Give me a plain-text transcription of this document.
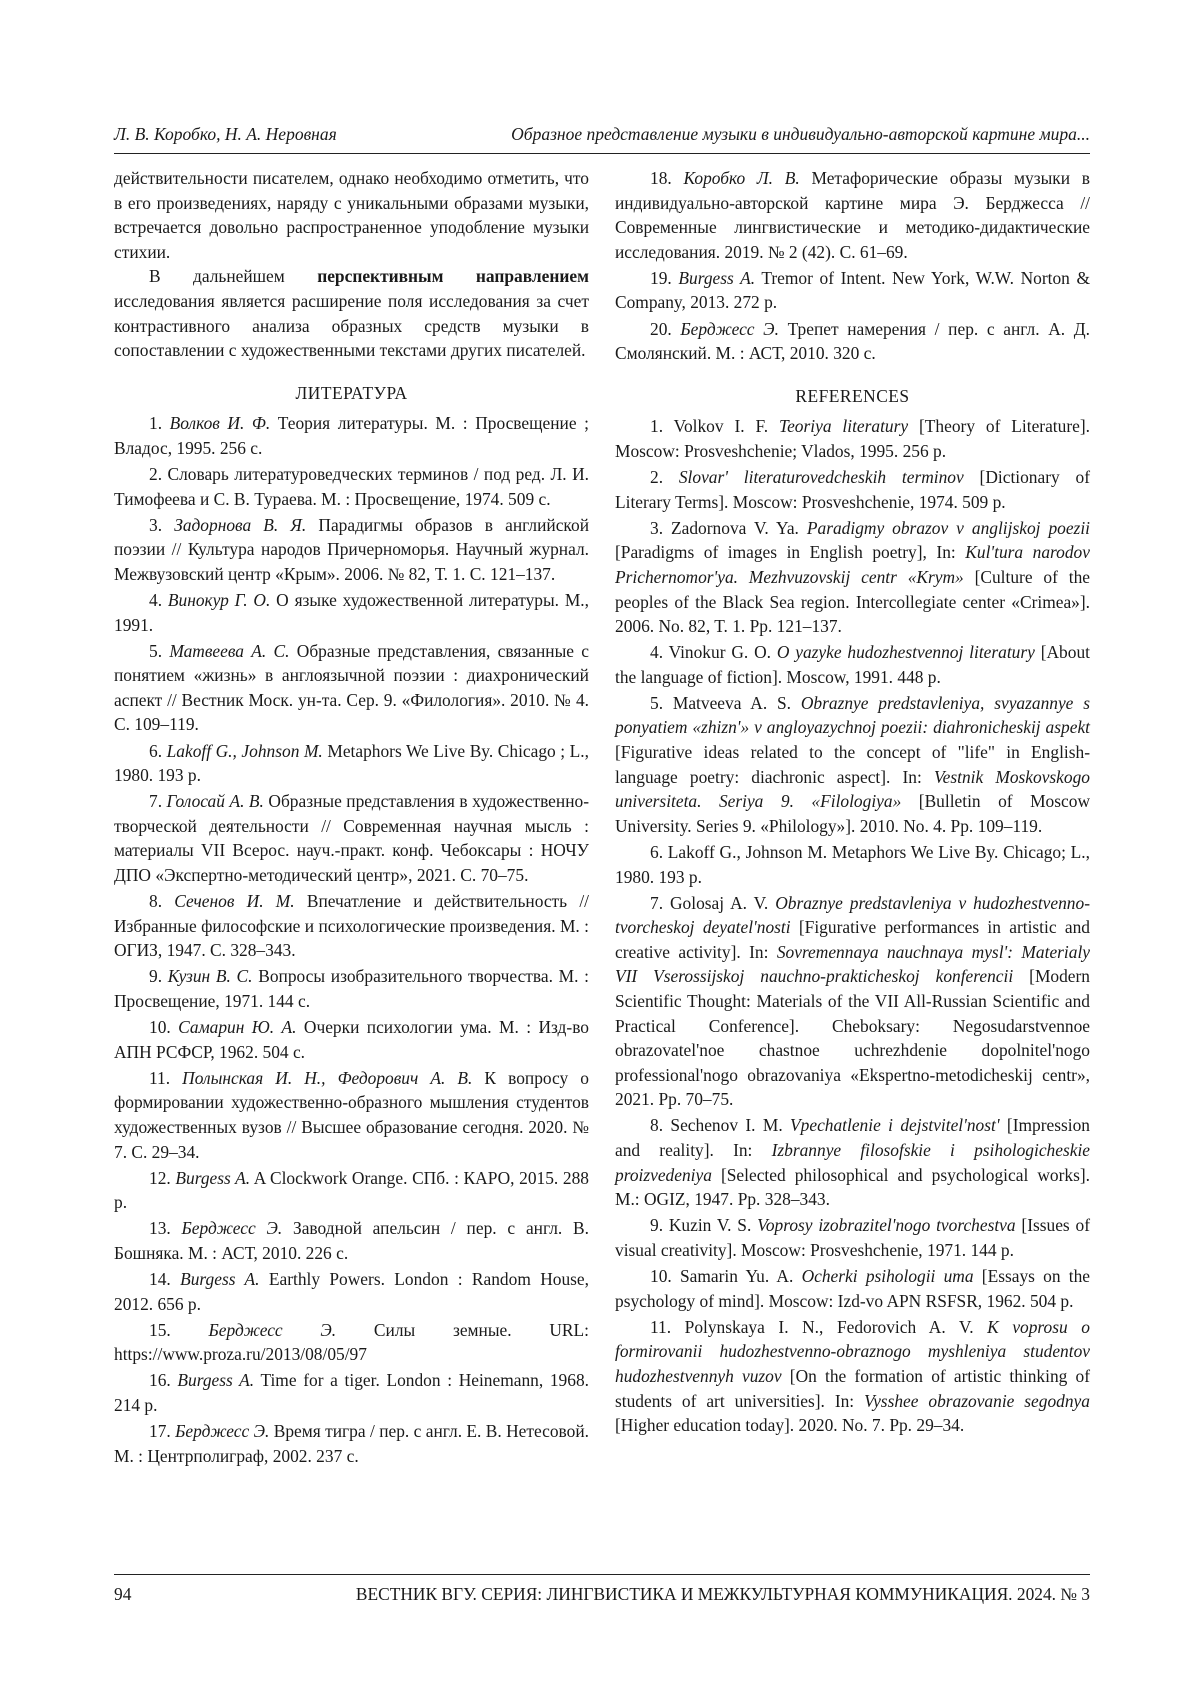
Л. В. Коробко, Н. А. Неровная	Образное представление музыки в индивидуально-авторской картине мира...

действительности писателем, однако необходимо отметить, что в его произведениях, наряду с уникальными образами музыки, встречается довольно распространенное уподобление музыки стихии.

В дальнейшем перспективным направлением исследования является расширение поля исследования за счет контрастивного анализа образных средств музыки в сопоставлении с художественными текстами других писателей.

ЛИТЕРАТУРА

1. Волков И. Ф. Теория литературы. М. : Просвещение ; Владос, 1995. 256 с.

2. Словарь литературоведческих терминов / под ред. Л. И. Тимофеева и С. В. Тураева. М. : Просвещение, 1974. 509 с.

3. Задорнова В. Я. Парадигмы образов в английской поэзии // Культура народов Причерноморья. Научный журнал. Межвузовский центр «Крым». 2006. № 82, Т. 1. С. 121–137.

4. Винокур Г. О. О языке художественной литературы. М., 1991.

5. Матвеева А. С. Образные представления, связанные с понятием «жизнь» в англоязычной поэзии : диахронический аспект // Вестник Моск. ун-та. Сер. 9. «Филология». 2010. № 4. С. 109–119.

6. Lakoff G., Johnson M. Metaphors We Live By. Chicago ; L., 1980. 193 p.

7. Голосай А. В. Образные представления в художественно-творческой деятельности // Современная научная мысль : материалы VII Всерос. науч.-практ. конф. Чебоксары : НОЧУ ДПО «Экспертно-методический центр», 2021. С. 70–75.

8. Сеченов И. М. Впечатление и действительность // Избранные философские и психологические произведения. М. : ОГИЗ, 1947. С. 328–343.

9. Кузин В. С. Вопросы изобразительного творчества. М. : Просвещение, 1971. 144 с.

10. Самарин Ю. А. Очерки психологии ума. М. : Изд-во АПН РСФСР, 1962. 504 с.

11. Полынская И. Н., Федорович А. В. К вопросу о формировании художественно-образного мышления студентов художественных вузов // Высшее образование сегодня. 2020. № 7. С. 29–34.

12. Burgess A. A Clockwork Orange. СПб. : КАРО, 2015. 288 p.

13. Берджесс Э. Заводной апельсин / пер. с англ. В. Бошняка. М. : АСТ, 2010. 226 с.

14. Burgess A. Earthly Powers. London : Random House, 2012. 656 p.

15. Берджесс Э. Силы земные. URL: https://www.proza.ru/2013/08/05/97

16. Burgess A. Time for a tiger. London : Heinemann, 1968. 214 p.

17. Берджесс Э. Время тигра / пер. с англ. Е. В. Нетесовой. М. : Центрполиграф, 2002. 237 с.

18. Коробко Л. В. Метафорические образы музыки в индивидуально-авторской картине мира Э. Берджесса // Современные лингвистические и методико-дидактические исследования. 2019. № 2 (42). С. 61–69.

19. Burgess A. Tremor of Intent. New York, W.W. Norton & Company, 2013. 272 p.

20. Берджесс Э. Трепет намерения / пер. с англ. А. Д. Смолянский. М. : АСТ, 2010. 320 с.

REFERENCES

1. Volkov I. F. Teoriya literatury [Theory of Literature]. Moscow: Prosveshchenie; Vlados, 1995. 256 p.

2. Slovar' literaturovedcheskih terminov [Dictionary of Literary Terms]. Moscow: Prosveshchenie, 1974. 509 p.

3. Zadornova V. Ya. Paradigmy obrazov v anglijskoj poezii [Paradigms of images in English poetry], In: Kul'tura narodov Prichernomor'ya. Mezhvuzovskij centr «Krym» [Culture of the peoples of the Black Sea region. Intercollegiate center «Crimea»]. 2006. No. 82, T. 1. Pp. 121–137.

4. Vinokur G. O. O yazyke hudozhestvennoj literatury [About the language of fiction]. Moscow, 1991. 448 p.

5. Matveeva A. S. Obraznye predstavleniya, svyazannye s ponyatiem «zhizn'» v angloyazychnoj poezii: diahronicheskij aspekt [Figurative ideas related to the concept of "life" in English-language poetry: diachronic aspect]. In: Vestnik Moskovskogo universiteta. Seriya 9. «Filologiya» [Bulletin of Moscow University. Series 9. «Philology»]. 2010. No. 4. Pp. 109–119.

6. Lakoff G., Johnson M. Metaphors We Live By. Chicago; L., 1980. 193 p.

7. Golosaj A. V. Obraznye predstavleniya v hudozhestvenno-tvorcheskoj deyatel'nosti [Figurative performances in artistic and creative activity]. In: Sovremennaya nauchnaya mysl': Materialy VII Vserossijskoj nauchno-prakticheskoj konferencii [Modern Scientific Thought: Materials of the VII All-Russian Scientific and Practical Conference]. Cheboksary: Negosudarstvennoe obrazovatel'noe chastnoe uchrezhdenie dopolnitel'nogo professional'nogo obrazovaniya «Ekspertno-metodicheskij centr», 2021. Pp. 70–75.

8. Sechenov I. M. Vpechatlenie i dejstvitel'nost' [Impression and reality]. In: Izbrannye filosofskie i psihologicheskie proizvedeniya [Selected philosophical and psychological works]. M.: OGIZ, 1947. Pp. 328–343.

9. Kuzin V. S. Voprosy izobrazitel'nogo tvorchestva [Issues of visual creativity]. Moscow: Prosveshchenie, 1971. 144 p.

10. Samarin Yu. A. Ocherki psihologii uma [Essays on the psychology of mind]. Moscow: Izd-vo APN RSFSR, 1962. 504 p.

11. Polynskaya I. N., Fedorovich A. V. K voprosu o formirovanii hudozhestvenno-obraznogo myshleniya studentov hudozhestvennyh vuzov [On the formation of artistic thinking of students of art universities]. In: Vysshee obrazovanie segodnya [Higher education today]. 2020. No. 7. Pp. 29–34.

94	ВЕСТНИК ВГУ. СЕРИЯ: ЛИНГВИСТИКА И МЕЖКУЛЬТУРНАЯ КОММУНИКАЦИЯ. 2024. № 3
